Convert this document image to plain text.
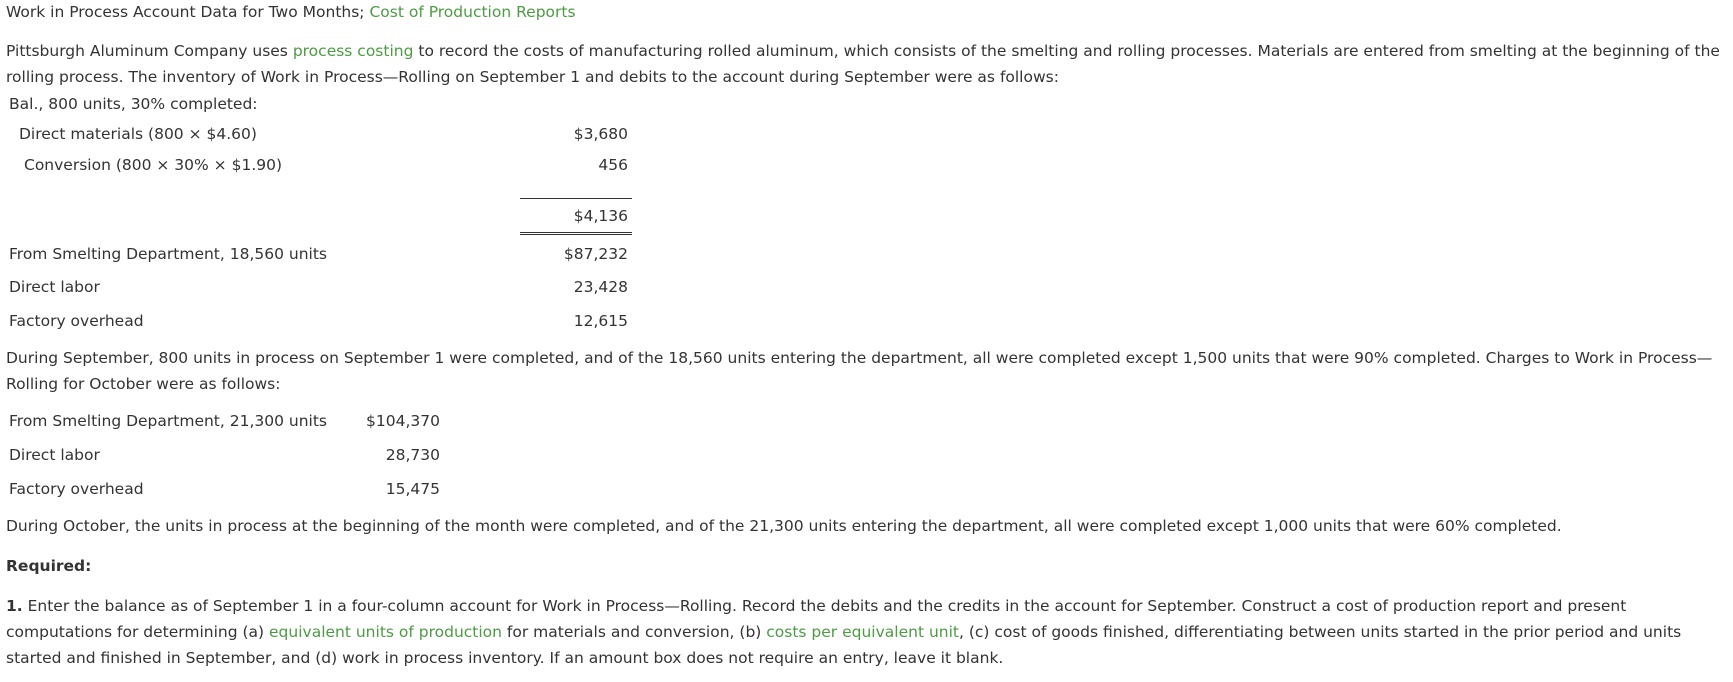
Work in Process Account Data for Two Months; Cost of Production Reports
Pittsburgh Aluminum Company uses process costing to record the costs of manufacturing rolled aluminum, which consists of the smelting and rolling processes. Materials are entered from smelting at the beginning of the rolling process. The inventory of Work in Process—Rolling on September 1 and debits to the account during September were as follows:
Bal., 800 units, 30% completed:
Direct materials (800 × $4.60)	$3,680
Conversion (800 × 30% × $1.90)	456
$4,136
From Smelting Department, 18,560 units	$87,232
Direct labor	23,428
Factory overhead	12,615
During September, 800 units in process on September 1 were completed, and of the 18,560 units entering the department, all were completed except 1,500 units that were 90% completed. Charges to Work in Process—Rolling for October were as follows:
From Smelting Department, 21,300 units	$104,370
Direct labor	28,730
Factory overhead	15,475
During October, the units in process at the beginning of the month were completed, and of the 21,300 units entering the department, all were completed except 1,000 units that were 60% completed.
Required:
1. Enter the balance as of September 1 in a four-column account for Work in Process—Rolling. Record the debits and the credits in the account for September. Construct a cost of production report and present computations for determining (a) equivalent units of production for materials and conversion, (b) costs per equivalent unit, (c) cost of goods finished, differentiating between units started in the prior period and units started and finished in September, and (d) work in process inventory. If an amount box does not require an entry, leave it blank.
